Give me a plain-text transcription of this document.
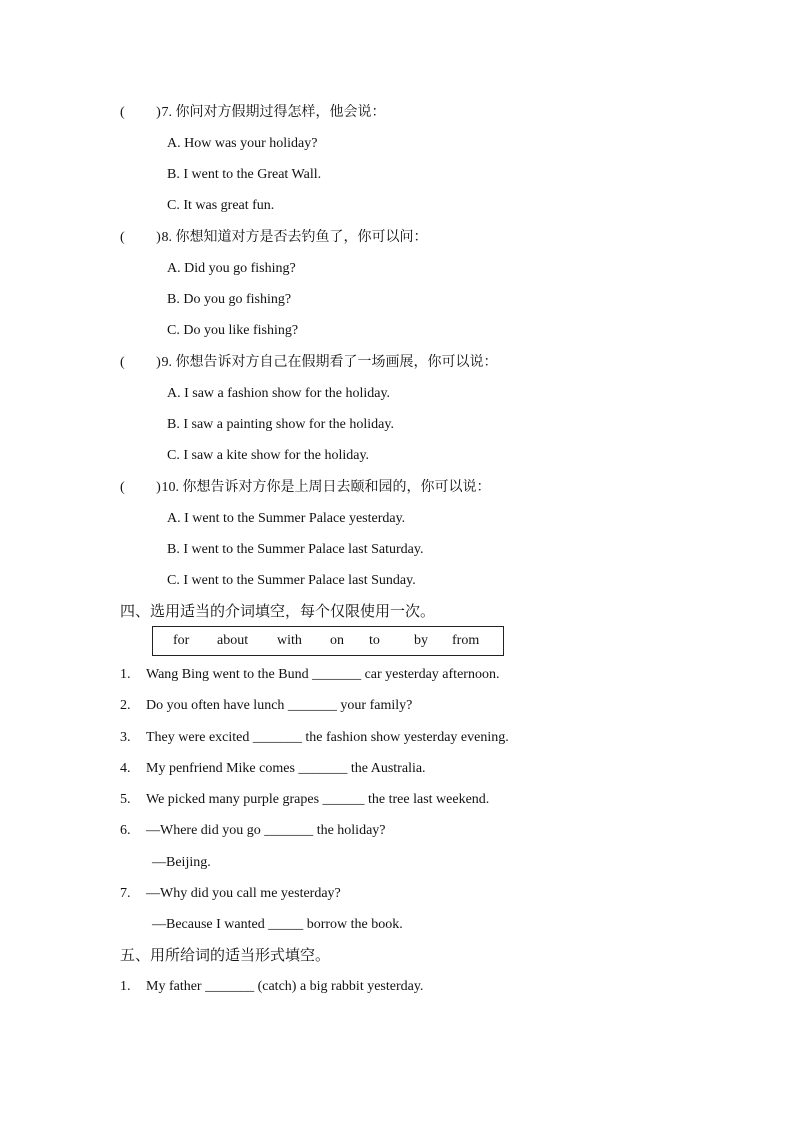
(　 　) 7. 你问对方假期过得怎样，他会说：
A. How was your holiday?
B. I went to the Great Wall.
C. It was great fun.
(　 　) 8. 你想知道对方是否去钓鱼了，你可以问：
A. Did you go fishing?
B. Do you go fishing?
C. Do you like fishing?
(　 　) 9. 你想告诉对方自己在假期看了一场画展，你可以说：
A. I saw a fashion show for the holiday.
B. I saw a painting show for the holiday.
C. I saw a kite show for the holiday.
(　 　) 10. 你想告诉对方你是上周日去颐和园的，你可以说：
A. I went to the Summer Palace yesterday.
B. I went to the Summer Palace last Saturday.
C. I went to the Summer Palace last Sunday.
四、选用适当的介词填空，每个仅限使用一次。
for about with on to by from
1. Wang Bing went to the Bund _______ car yesterday afternoon.
2. Do you often have lunch _______ your family?
3. They were excited _______ the fashion show yesterday evening.
4. My penfriend Mike comes _______ the Australia.
5. We picked many purple grapes ______ the tree last weekend.
6. —Where did you go _______ the holiday?
—Beijing.
7. —Why did you call me yesterday?
—Because I wanted _____ borrow the book.
五、用所给词的适当形式填空。
1. My father _______ (catch) a big rabbit yesterday.
